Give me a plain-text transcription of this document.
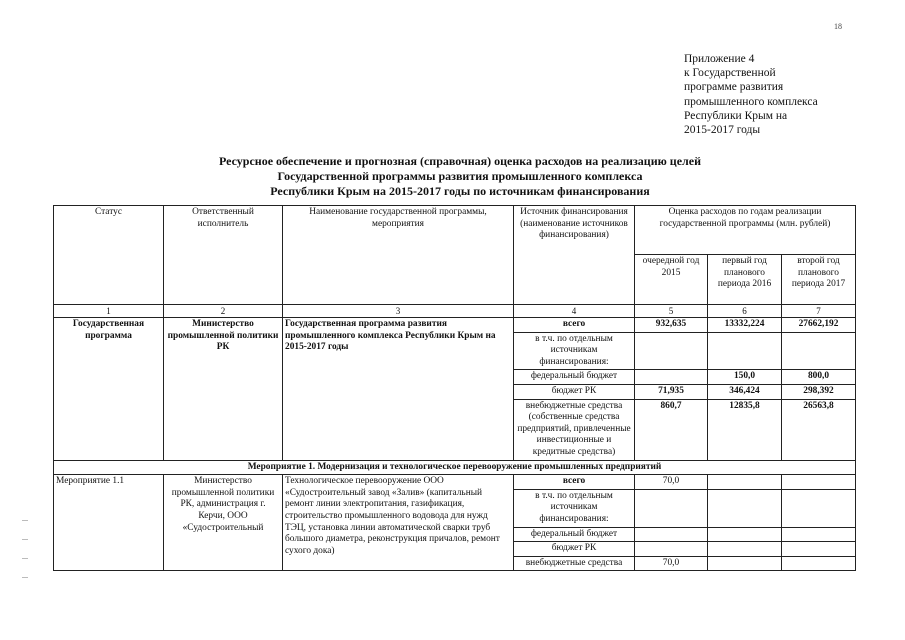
18
Приложение 4
к Государственной
программе развития
промышленного комплекса
Республики Крым на
2015-2017 годы
Ресурсное обеспечение и прогнозная (справочная) оценка расходов на реализацию целей
Государственной программы развития промышленного комплекса
Республики Крым на 2015-2017 годы по источникам финансирования
Статус	Ответственный исполнитель	Наименование государственной программы, мероприятия	Источник финансирования (наименование источников финансирования)	Оценка расходов по годам реализации государственной программы (млн. рублей)		
				очередной год 2015	первый год планового периода 2016	второй год планового периода 2017
1	2	3	4	5	6	7
Государственная программа	Министерство промышленной политики РК	Государственная программа развития промышленного комплекса Республики Крым на 2015-2017 годы	всего	932,635	13332,224	27662,192
			в т.ч. по отдельным источникам финансирования:			
			федеральный бюджет		150,0	800,0
			бюджет РК	71,935	346,424	298,392
			внебюджетные средства (собственные средства предприятий, привлеченные инвестиционные и кредитные средства)	860,7	12835,8	26563,8
Мероприятие 1. Модернизация и технологическое перевооружение промышленных предприятий						
Мероприятие 1.1	Министерство промышленной политики РК, администрация г. Керчи, ООО «Судостроительный	Технологическое перевооружение ООО «Судостроительный завод «Залив» (капитальный ремонт линии электропитания, газификация, строительство промышленного водовода для нужд ТЭЦ, установка линии автоматической сварки труб большого диаметра, реконструкция причалов, ремонт сухого дока)	всего	70,0		
			в т.ч. по отдельным источникам финансирования:			
			федеральный бюджет			
			бюджет РК			
			внебюджетные средства	70,0		
